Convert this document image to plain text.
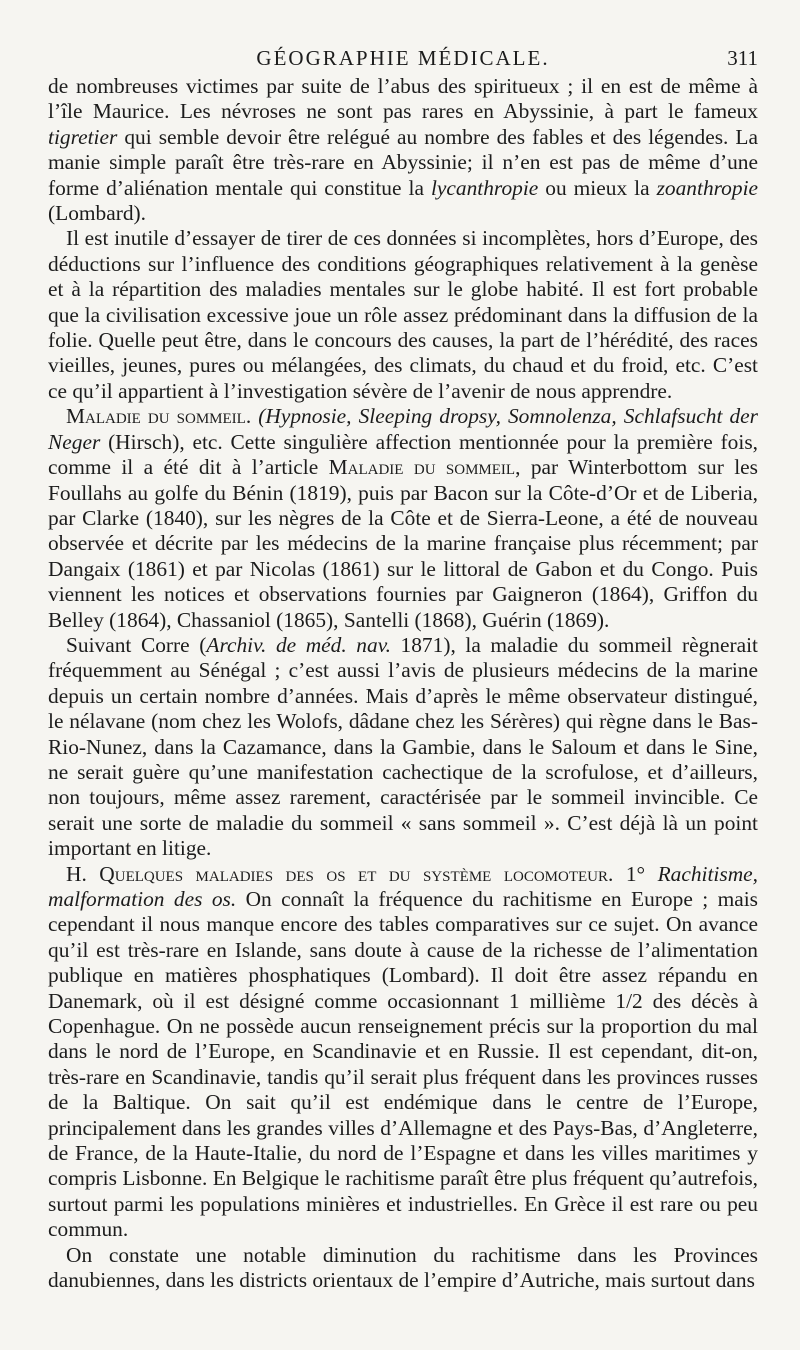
GÉOGRAPHIE MÉDICALE.	311

de nombreuses victimes par suite de l’abus des spiritueux ; il en est de même à l’île Maurice. Les névroses ne sont pas rares en Abyssinie, à part le fameux tigretier qui semble devoir être relégué au nombre des fables et des légendes. La manie simple paraît être très-rare en Abyssinie; il n’en est pas de même d’une forme d’aliénation mentale qui constitue la lycanthropie ou mieux la zoanthropie (Lombard).

Il est inutile d’essayer de tirer de ces données si incomplètes, hors d’Europe, des déductions sur l’influence des conditions géographiques relativement à la genèse et à la répartition des maladies mentales sur le globe habité. Il est fort probable que la civilisation excessive joue un rôle assez prédominant dans la diffusion de la folie. Quelle peut être, dans le concours des causes, la part de l’hérédité, des races vieilles, jeunes, pures ou mélangées, des climats, du chaud et du froid, etc. C’est ce qu’il appartient à l’investigation sévère de l’avenir de nous apprendre.

Maladie du sommeil. (Hypnosie, Sleeping dropsy, Somnolenza, Schlafsucht der Neger (Hirsch), etc. Cette singulière affection mentionnée pour la première fois, comme il a été dit à l’article Maladie du sommeil, par Winterbottom sur les Foullahs au golfe du Bénin (1819), puis par Bacon sur la Côte-d’Or et de Liberia, par Clarke (1840), sur les nègres de la Côte et de Sierra-Leone, a été de nouveau observée et décrite par les médecins de la marine française plus récemment; par Dangaix (1861) et par Nicolas (1861) sur le littoral de Gabon et du Congo. Puis viennent les notices et observations fournies par Gaigneron (1864), Griffon du Belley (1864), Chassaniol (1865), Santelli (1868), Guérin (1869).

Suivant Corre (Archiv. de méd. nav. 1871), la maladie du sommeil règnerait fréquemment au Sénégal ; c’est aussi l’avis de plusieurs médecins de la marine depuis un certain nombre d’années. Mais d’après le même observateur distingué, le nélavane (nom chez les Wolofs, dâdane chez les Sérères) qui règne dans le Bas-Rio-Nunez, dans la Cazamance, dans la Gambie, dans le Saloum et dans le Sine, ne serait guère qu’une manifestation cachectique de la scrofulose, et d’ailleurs, non toujours, même assez rarement, caractérisée par le sommeil invincible. Ce serait une sorte de maladie du sommeil « sans sommeil ». C’est déjà là un point important en litige.

H. Quelques maladies des os et du système locomoteur. 1° Rachitisme, malformation des os. On connaît la fréquence du rachitisme en Europe ; mais cependant il nous manque encore des tables comparatives sur ce sujet. On avance qu’il est très-rare en Islande, sans doute à cause de la richesse de l’alimentation publique en matières phosphatiques (Lombard). Il doit être assez répandu en Danemark, où il est désigné comme occasionnant 1 millième 1/2 des décès à Copenhague. On ne possède aucun renseignement précis sur la proportion du mal dans le nord de l’Europe, en Scandinavie et en Russie. Il est cependant, dit-on, très-rare en Scandinavie, tandis qu’il serait plus fréquent dans les provinces russes de la Baltique. On sait qu’il est endémique dans le centre de l’Europe, principalement dans les grandes villes d’Allemagne et des Pays-Bas, d’Angleterre, de France, de la Haute-Italie, du nord de l’Espagne et dans les villes maritimes y compris Lisbonne. En Belgique le rachitisme paraît être plus fréquent qu’autrefois, surtout parmi les populations minières et industrielles. En Grèce il est rare ou peu commun.

On constate une notable diminution du rachitisme dans les Provinces danubiennes, dans les districts orientaux de l’empire d’Autriche, mais surtout dans
